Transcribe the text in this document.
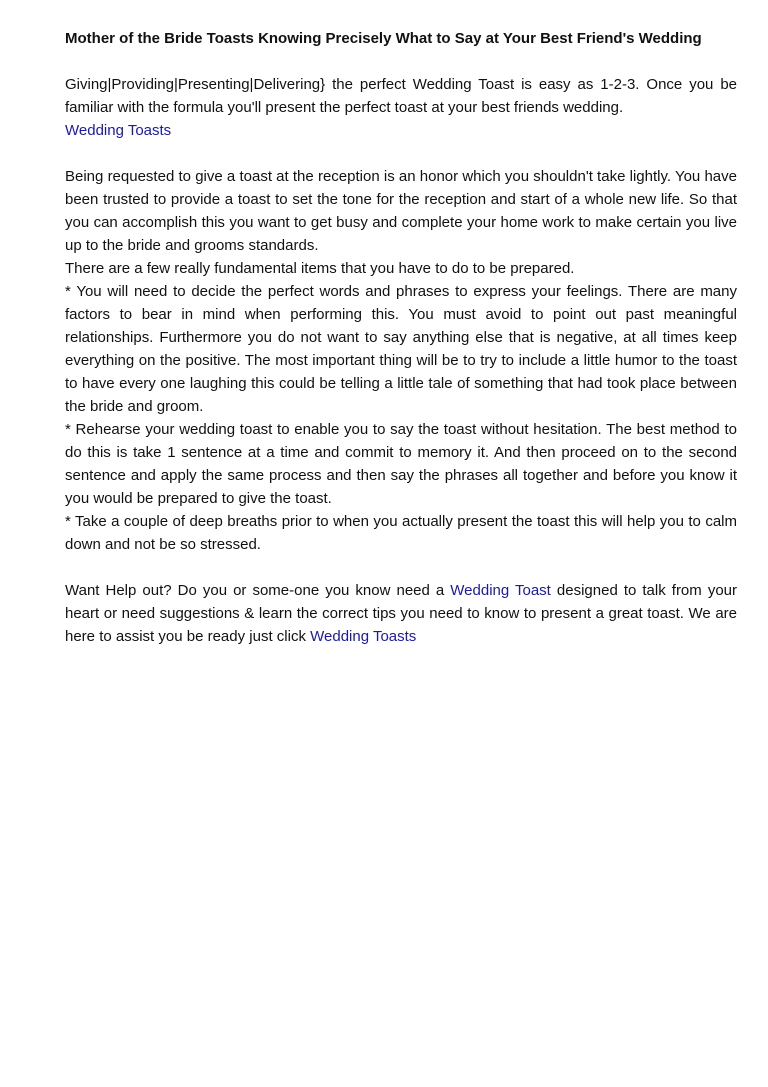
Mother of the Bride Toasts Knowing Precisely What to Say at Your Best Friend's Wedding

Giving|Providing|Presenting|Delivering} the perfect Wedding Toast is easy as 1-2-3. Once you be familiar with the formula you'll present the perfect toast at your best friends wedding.
Wedding Toasts

Being requested to give a toast at the reception is an honor which you shouldn't take lightly. You have been trusted to provide a toast to set the tone for the reception and start of a whole new life. So that you can accomplish this you want to get busy and complete your home work to make certain you live up to the bride and grooms standards.

There are a few really fundamental items that you have to do to be prepared.

* You will need to decide the perfect words and phrases to express your feelings. There are many factors to bear in mind when performing this. You must avoid to point out past meaningful relationships. Furthermore you do not want to say anything else that is negative, at all times keep everything on the positive. The most important thing will be to try to include a little humor to the toast to have every one laughing this could be telling a little tale of something that had took place between the bride and groom.

* Rehearse your wedding toast to enable you to say the toast without hesitation. The best method to do this is take 1 sentence at a time and commit to memory it. And then proceed on to the second sentence and apply the same process and then say the phrases all together and before you know it you would be prepared to give the toast.

* Take a couple of deep breaths prior to when you actually present the toast this will help you to calm down and not be so stressed.

Want Help out? Do you or some-one you know need a Wedding Toast designed to talk from your heart or need suggestions & learn the correct tips you need to know to present a great toast. We are here to assist you be ready just click Wedding Toasts
